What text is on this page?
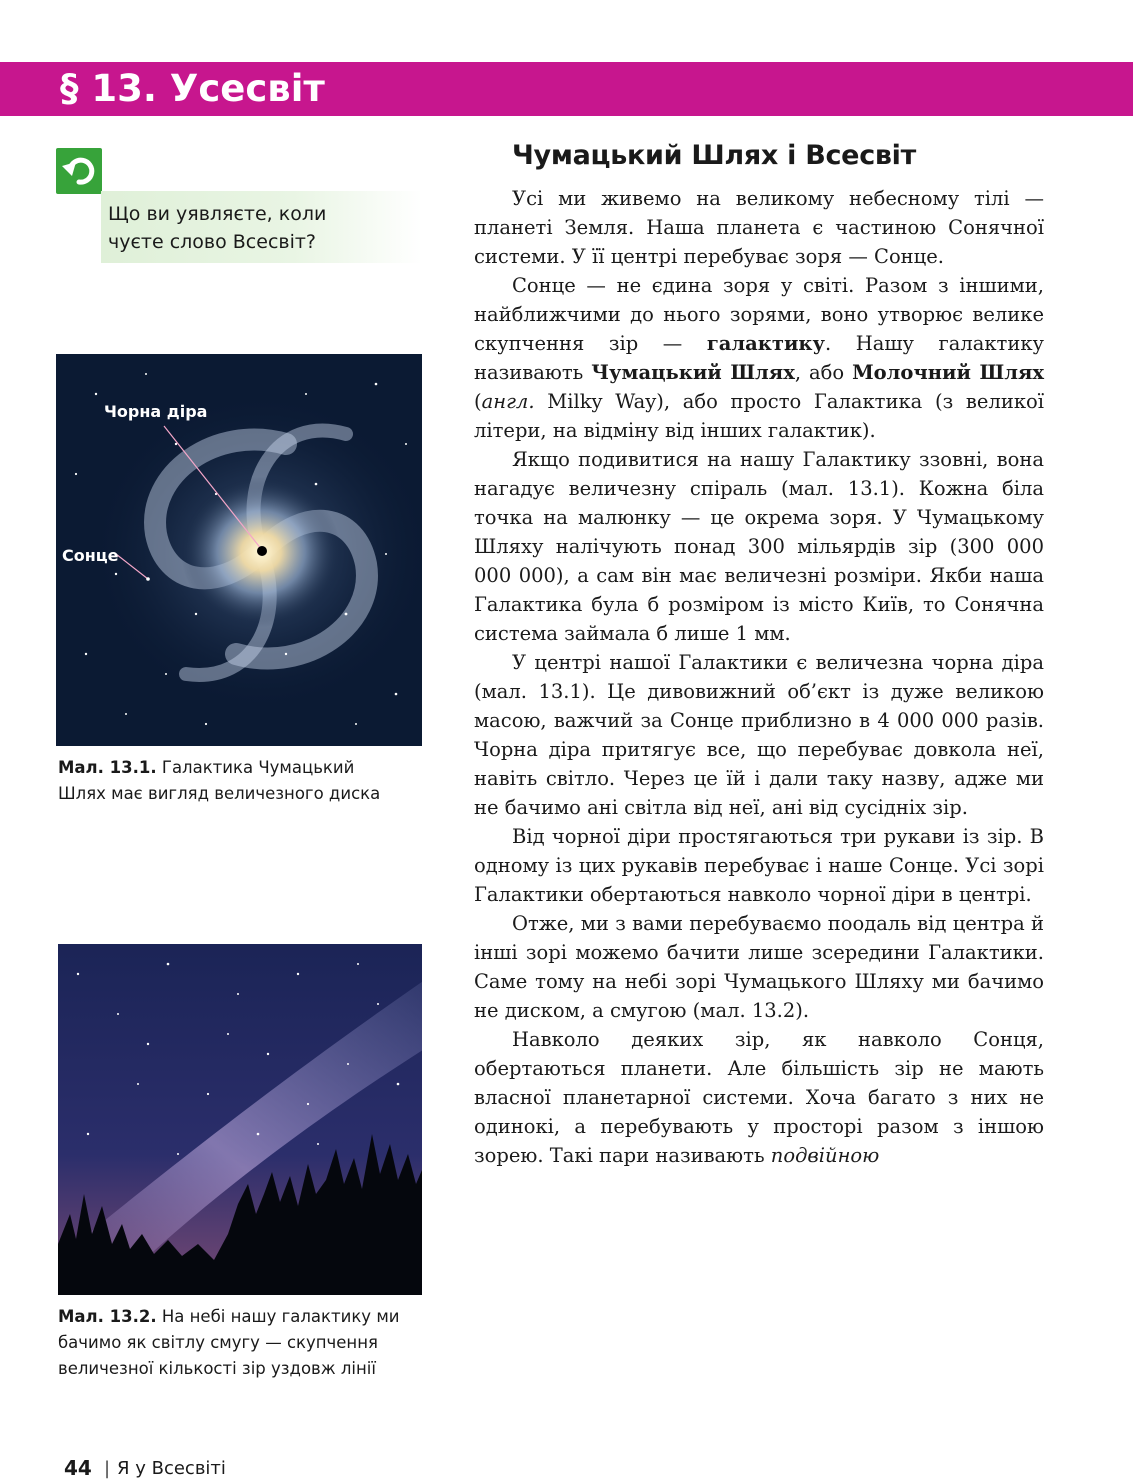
§ 13. Усесвіт

Що ви уявляєте, коли
чуєте слово Всесвіт?

Чорна діра
Сонце

Мал. 13.1. Галактика Чумацький
Шлях має вигляд величезного диска

Мал. 13.2. На небі нашу галактику ми
бачимо як світлу смугу — скупчення
величезної кількості зір уздовж лінії

Чумацький Шлях і Всесвіт

Усі ми живемо на великому небесному тілі — планеті Земля. Наша планета є частиною Сонячної системи. У її центрі перебуває зоря — Сонце.

Сонце — не єдина зоря у світі. Разом з іншими, найближчими до нього зорями, воно утворює велике скупчення зір — галактику. Нашу галактику називають Чумацький Шлях, або Молочний Шлях (англ. Milky Way), або просто Галактика (з великої літери, на відміну від інших галактик).

Якщо подивитися на нашу Галактику ззовні, вона нагадує величезну спіраль (мал. 13.1). Кожна біла точка на малюнку — це окрема зоря. У Чумацькому Шляху налічують понад 300 мільярдів зір (300 000 000 000), а сам він має величезні розміри. Якби наша Галактика була б розміром із місто Київ, то Сонячна система займала б лише 1 мм.

У центрі нашої Галактики є величезна чорна діра (мал. 13.1). Це дивовижний об’єкт із дуже великою масою, важчий за Сонце приблизно в 4 000 000 разів. Чорна діра притягує все, що перебуває довкола неї, навіть світло. Через це їй і дали таку назву, адже ми не бачимо ані світла від неї, ані від сусідніх зір.

Від чорної діри простягаються три рукави із зір. В одному із цих рукавів перебуває і наше Сонце. Усі зорі Галактики обертаються навколо чорної діри в центрі.

Отже, ми з вами перебуваємо поодаль від центра й інші зорі можемо бачити лише зсередини Галактики. Саме тому на небі зорі Чумацького Шляху ми бачимо не диском, а смугою (мал. 13.2).

Навколо деяких зір, як навколо Сонця, обертаються планети. Але більшість зір не мають власної планетарної системи. Хоча багато з них не одинокі, а перебувають у просторі разом з іншою зорею. Такі пари називають подвійною

44 | Я у Всесвіті
